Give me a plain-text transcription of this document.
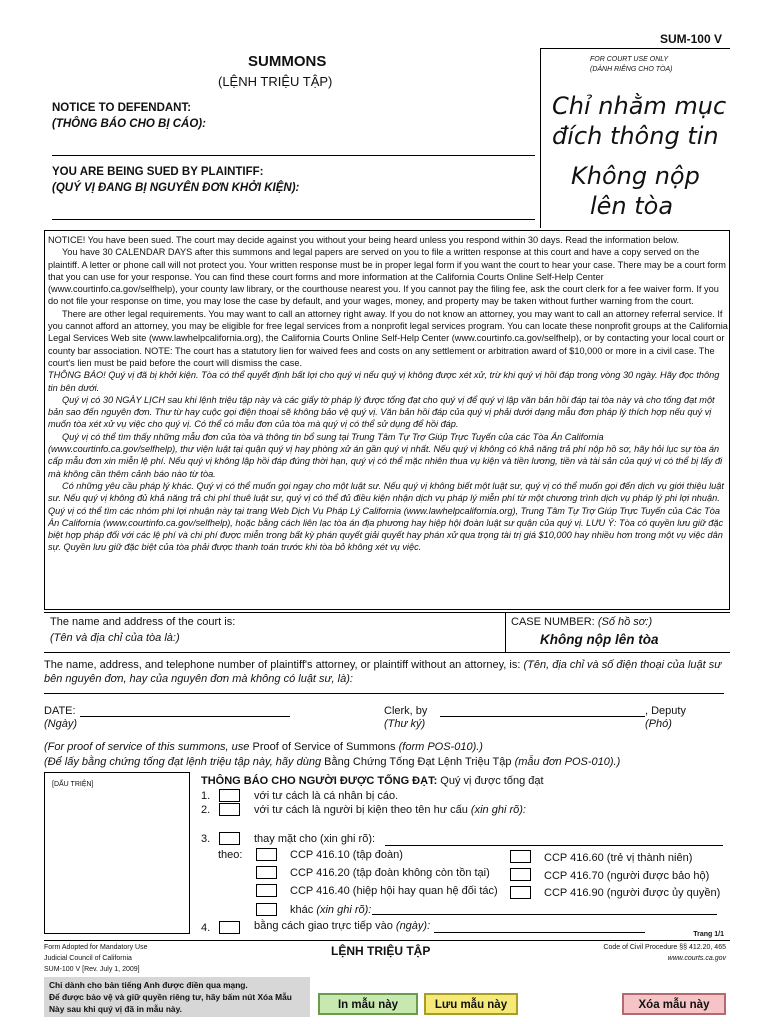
SUM-100 V
SUMMONS
(LỆNH TRIỆU TẬP)
FOR COURT USE ONLY
(DÀNH RIÊNG CHO TÒA)
Chỉ nhằm mục
đích thông tin
Không nộp
lên tòa
NOTICE TO DEFENDANT:
(THÔNG BÁO CHO BỊ CÁO):
YOU ARE BEING SUED BY PLAINTIFF:
(QUÝ VỊ ĐANG BỊ NGUYÊN ĐƠN KHỞI KIỆN):

NOTICE! You have been sued. The court may decide against you without your being heard unless you respond within 30 days. Read the information below.

You have 30 CALENDAR DAYS after this summons and legal papers are served on you to file a written response at this court and have a copy served on the plaintiff. A letter or phone call will not protect you. Your written response must be in proper legal form if you want the court to hear your case. There may be a court form that you can use for your response. You can find these court forms and more information at the California Courts Online Self-Help Center (www.courtinfo.ca.gov/selfhelp), your county law library, or the courthouse nearest you. If you cannot pay the filing fee, ask the court clerk for a fee waiver form. If you do not file your response on time, you may lose the case by default, and your wages, money, and property may be taken without further warning from the court.

There are other legal requirements. You may want to call an attorney right away. If you do not know an attorney, you may want to call an attorney referral service. If you cannot afford an attorney, you may be eligible for free legal services from a nonprofit legal services program. You can locate these nonprofit groups at the California Legal Services Web site (www.lawhelpcalifornia.org), the California Courts Online Self-Help Center (www.courtinfo.ca.gov/selfhelp), or by contacting your local court or county bar association. NOTE: The court has a statutory lien for waived fees and costs on any settlement or arbitration award of $10,000 or more in a civil case. The court's lien must be paid before the court will dismiss the case.

THÔNG BÁO! Quý vị đã bị khởi kiện. Tòa có thể quyết định bất lợi cho quý vị nếu quý vị không được xét xử, trừ khi quý vị hồi đáp trong vòng 30 ngày. Hãy đọc thông tin bên dưới.

Quý vị có 30 NGÀY LỊCH sau khi lệnh triệu tập này và các giấy tờ pháp lý được tống đạt cho quý vị để quý vị lập văn bản hồi đáp tại tòa này và cho tống đạt một bản sao đến nguyên đơn. Thư từ hay cuộc gọi điện thoại sẽ không bảo vệ quý vị. Văn bản hồi đáp của quý vị phải dưới dạng mẫu đơn pháp lý thích hợp nếu quý vị muốn tòa xét xử vụ việc cho quý vị. Có thể có mẫu đơn của tòa mà quý vị có thể sử dụng để hồi đáp.

Quý vị có thể tìm thấy những mẫu đơn của tòa và thông tin bổ sung tại Trung Tâm Tự Trợ Giúp Trực Tuyến của các Tòa Án California (www.courtinfo.ca.gov/selfhelp), thư viện luật tại quận quý vị hay phòng xử án gần quý vị nhất. Nếu quý vị không có khả năng trả phí nộp hồ sơ, hãy hỏi lục sự tòa án cấp mẫu đơn xin miễn lệ phí. Nếu quý vị không lập hồi đáp đúng thời hạn, quý vị có thể mặc nhiên thua vụ kiện và tiền lương, tiền và tài sản của quý vị có thể bị lấy đi mà không cần thêm cảnh báo nào từ tòa.

Có những yêu cầu pháp lý khác. Quý vị có thể muốn gọi ngay cho một luật sư. Nếu quý vị không biết một luật sư, quý vị có thể muốn gọi đến dịch vụ giới thiệu luật sư. Nếu quý vị không đủ khả năng trả chi phí thuê luật sư, quý vị có thể đủ điều kiện nhận dịch vụ pháp lý miễn phí từ một chương trình dịch vụ pháp lý phi lợi nhuận. Quý vị có thể tìm các nhóm phi lợi nhuận này tại trang Web Dịch Vụ Pháp Lý California (www.lawhelpcalifornia.org), Trung Tâm Tự Trợ Giúp Trực Tuyến của Các Tòa Án California (www.courtinfo.ca.gov/selfhelp), hoặc bằng cách liên lạc tòa án địa phương hay hiệp hội đoàn luật sư quận của quý vị. LƯU Ý: Tòa có quyền lưu giữ đặc biệt hợp pháp đối với các lệ phí và chi phí được miễn trong bất kỳ phán quyết giải quyết hay phán xử qua trọng tài trị giá $10,000 hay nhiều hơn trong một vụ việc dân sự. Quyền lưu giữ đặc biệt của tòa phải được thanh toán trước khi tòa bỏ không xét vụ việc.

The name and address of the court is:
(Tên và địa chỉ của tòa là:)
CASE NUMBER: (Số hồ sơ:)
Không nộp lên tòa
The name, address, and telephone number of plaintiff's attorney, or plaintiff without an attorney, is: (Tên, địa chỉ và số điện thoại của luật sư bên nguyên đơn, hay của nguyên đơn mà không có luật sư, là):
DATE:
(Ngày)
Clerk, by
(Thư ký)
, Deputy
(Phó)
(For proof of service of this summons, use Proof of Service of Summons (form POS-010).)
(Để lấy bằng chứng tống đạt lệnh triệu tập này, hãy dùng Bằng Chứng Tống Đạt Lệnh Triệu Tập (mẫu đơn POS-010).)
[DẤU TRIỆN]	THÔNG BÁO CHO NGƯỜI ĐƯỢC TỐNG ĐẠT: Quý vị được tống đạt
1.	với tư cách là cá nhân bị cáo.
2.	với tư cách là người bị kiện theo tên hư cấu (xin ghi rõ):
3.	thay mặt cho (xin ghi rõ):
theo:	CCP 416.10 (tập đoàn)
CCP 416.20 (tập đoàn không còn tồn tại)
CCP 416.40 (hiệp hội hay quan hệ đối tác)
CCP 416.60 (trẻ vị thành niên)
CCP 416.70 (người được bảo hộ)
CCP 416.90 (người được ủy quyền)
khác (xin ghi rõ):
4.	bằng cách giao trực tiếp vào (ngày):
Trang 1/1
Form Adopted for Mandatory Use
Judicial Council of California
SUM-100 V [Rev. July 1, 2009]
LỆNH TRIỆU TẬP	Code of Civil Procedure §§ 412.20, 465
www.courts.ca.gov
Chỉ dành cho bản tiếng Anh được điền qua mạng.
Để được bảo vệ và giữ quyền riêng tư, hãy bấm nút Xóa Mẫu
Này sau khi quý vị đã in mẫu này.	In mẫu này	Lưu mẫu này	Xóa mẫu này
